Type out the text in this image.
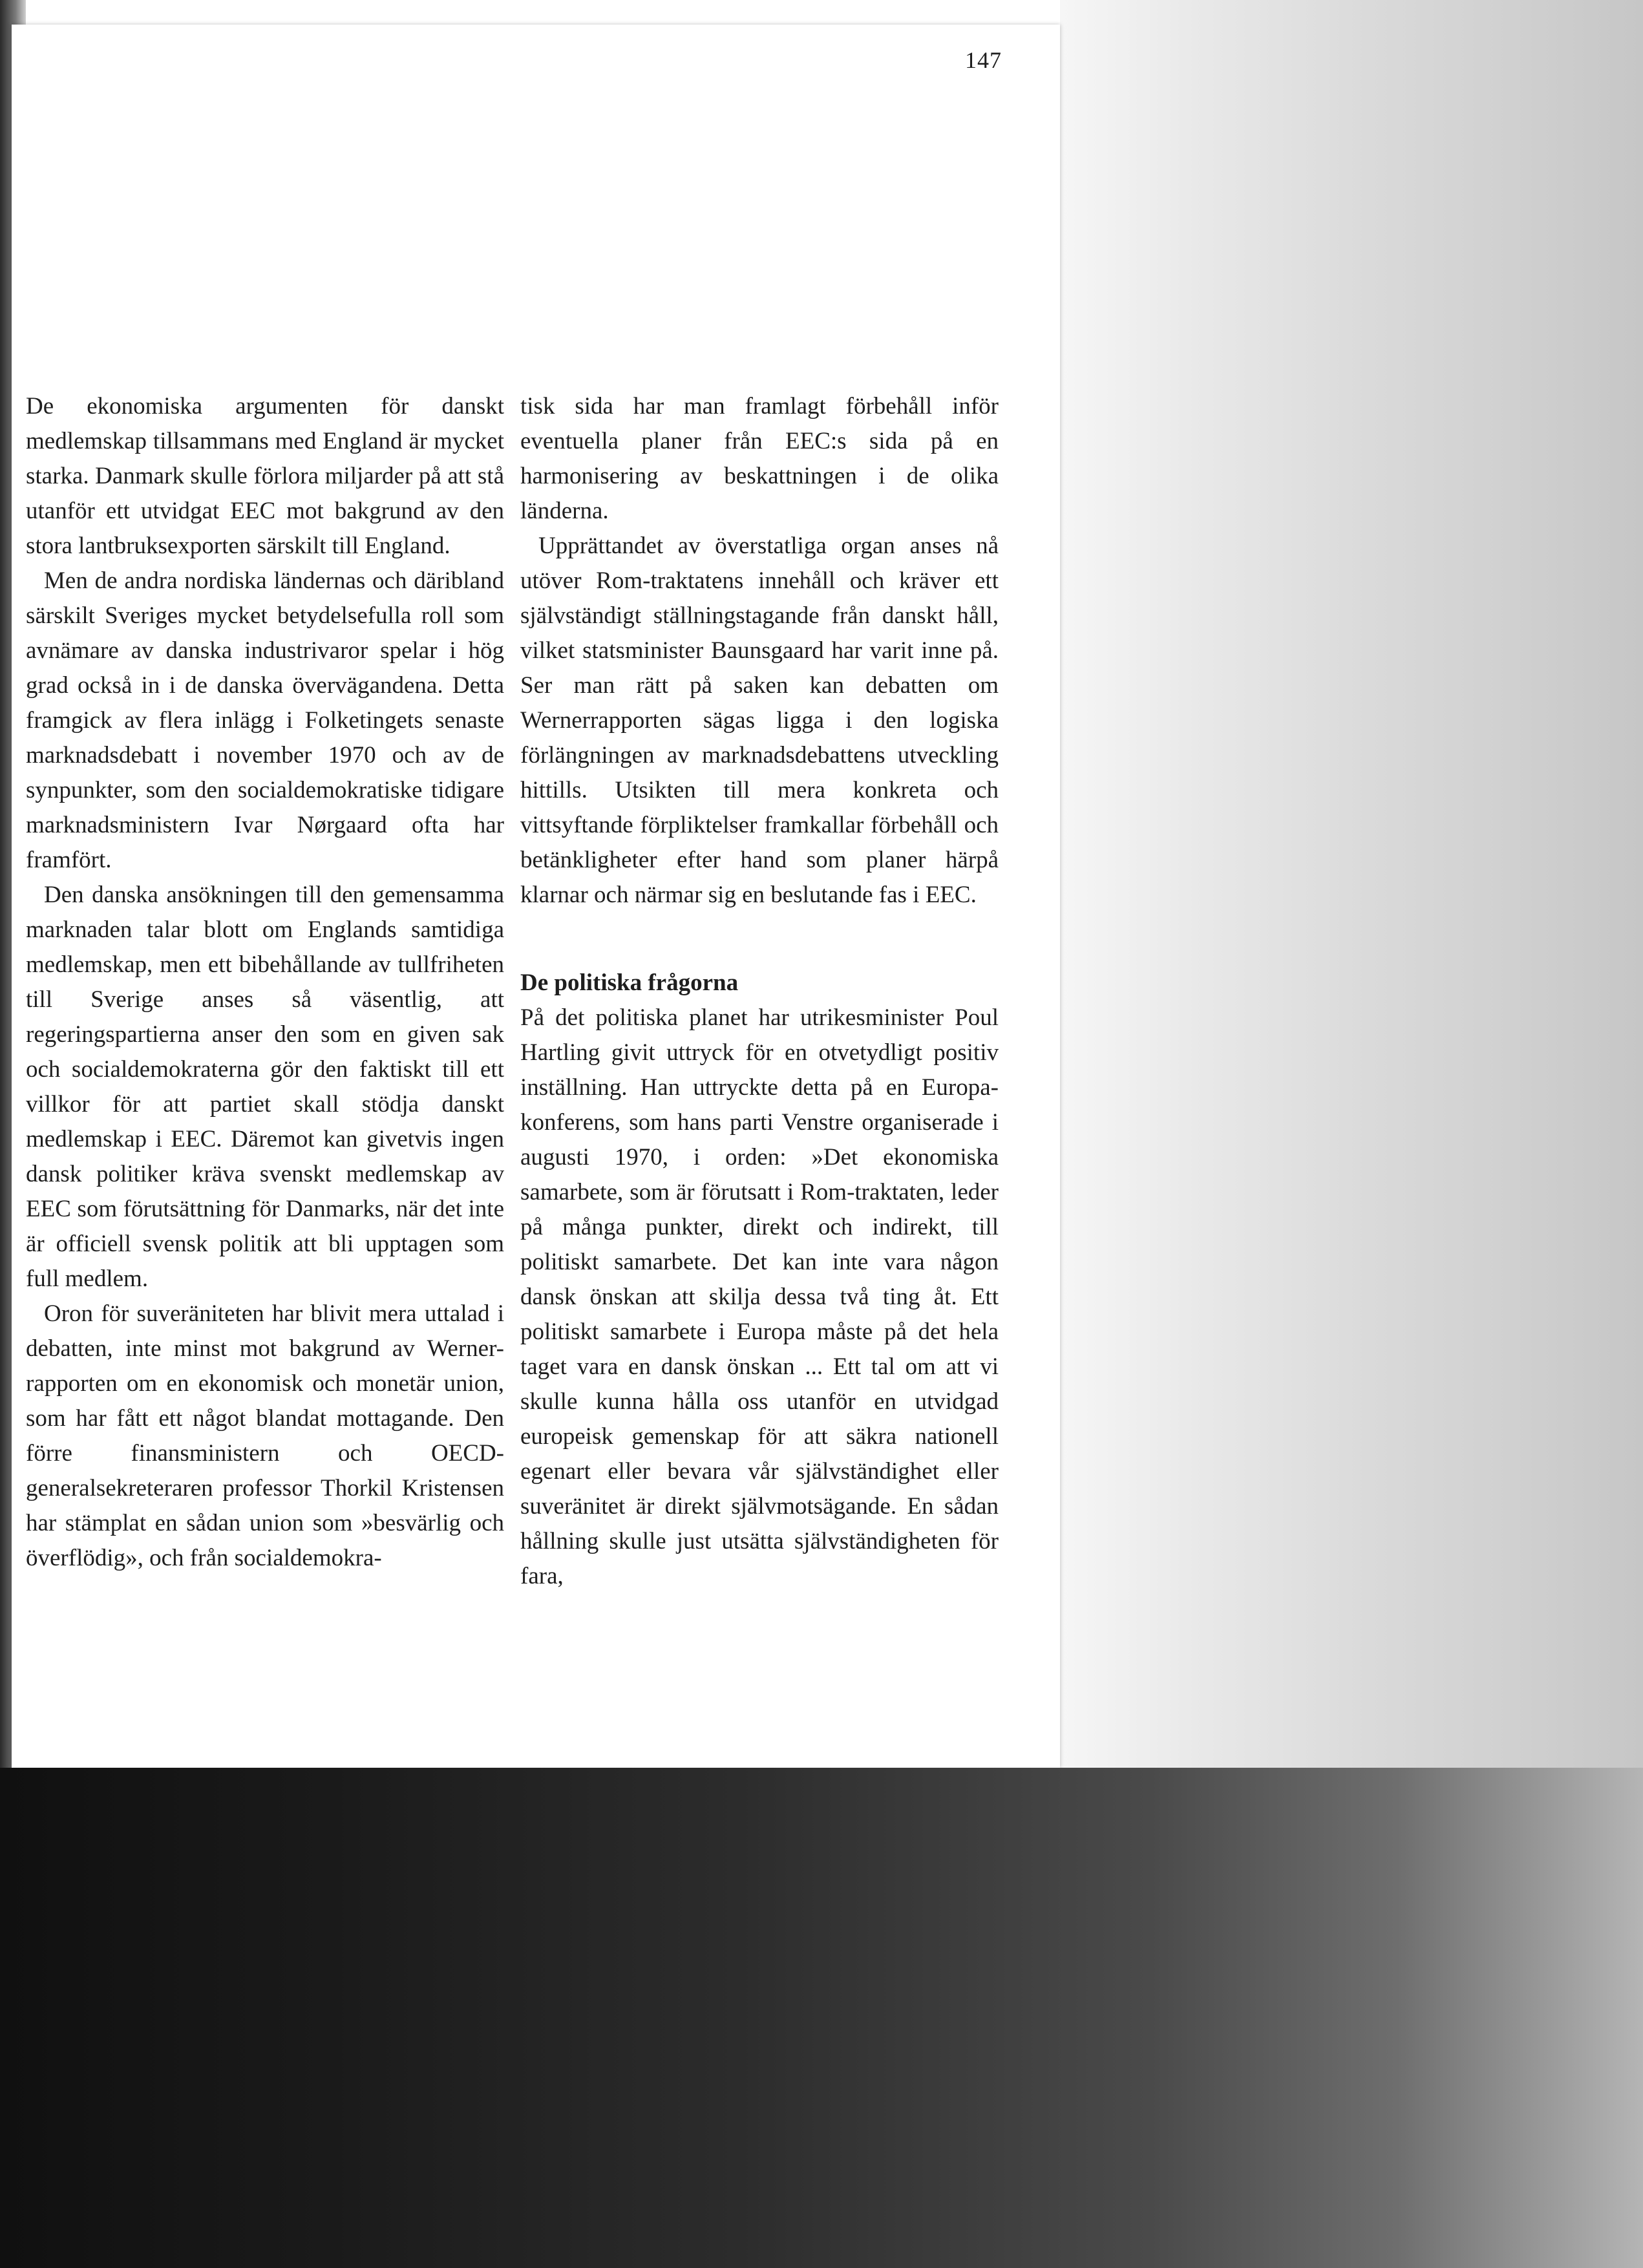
147

De ekonomiska argumenten för danskt medlemskap tillsammans med England är mycket starka. Danmark skulle förlora miljarder på att stå utanför ett utvidgat EEC mot bakgrund av den stora lantbruksexporten särskilt till England.

Men de andra nordiska ländernas och däribland särskilt Sveriges mycket betydelsefulla roll som avnämare av danska industrivaror spelar i hög grad också in i de danska övervägandena. Detta framgick av flera inlägg i Folketingets senaste marknadsdebatt i november 1970 och av de synpunkter, som den socialdemokratiske tidigare marknadsministern Ivar Nørgaard ofta har framfört.

Den danska ansökningen till den gemensamma marknaden talar blott om Englands samtidiga medlemskap, men ett bibehållande av tullfriheten till Sverige anses så väsentlig, att regeringspartierna anser den som en given sak och socialdemokraterna gör den faktiskt till ett villkor för att partiet skall stödja danskt medlemskap i EEC. Däremot kan givetvis ingen dansk politiker kräva svenskt medlemskap av EEC som förutsättning för Danmarks, när det inte är officiell svensk politik att bli upptagen som full medlem.

Oron för suveräniteten har blivit mera uttalad i debatten, inte minst mot bakgrund av Werner-rapporten om en ekonomisk och monetär union, som har fått ett något blandat mottagande. Den förre finansministern och OECD-generalsekreteraren professor Thorkil Kristensen har stämplat en sådan union som »besvärlig och överflödig», och från socialdemokra-

tisk sida har man framlagt förbehåll inför eventuella planer från EEC:s sida på en harmonisering av beskattningen i de olika länderna.

Upprättandet av överstatliga organ anses nå utöver Rom-traktatens innehåll och kräver ett självständigt ställningstagande från danskt håll, vilket statsminister Baunsgaard har varit inne på. Ser man rätt på saken kan debatten om Wernerrapporten sägas ligga i den logiska förlängningen av marknadsdebattens utveckling hittills. Utsikten till mera konkreta och vittsyftande förpliktelser framkallar förbehåll och betänkligheter efter hand som planer härpå klarnar och närmar sig en beslutande fas i EEC.

De politiska frågorna

På det politiska planet har utrikesminister Poul Hartling givit uttryck för en otvetydligt positiv inställning. Han uttryckte detta på en Europa-konferens, som hans parti Venstre organiserade i augusti 1970, i orden: »Det ekonomiska samarbete, som är förutsatt i Rom-traktaten, leder på många punkter, direkt och indirekt, till politiskt samarbete. Det kan inte vara någon dansk önskan att skilja dessa två ting åt. Ett politiskt samarbete i Europa måste på det hela taget vara en dansk önskan ... Ett tal om att vi skulle kunna hålla oss utanför en utvidgad europeisk gemenskap för att säkra nationell egenart eller bevara vår självständighet eller suveränitet är direkt självmotsägande. En sådan hållning skulle just utsätta självständigheten för fara,
